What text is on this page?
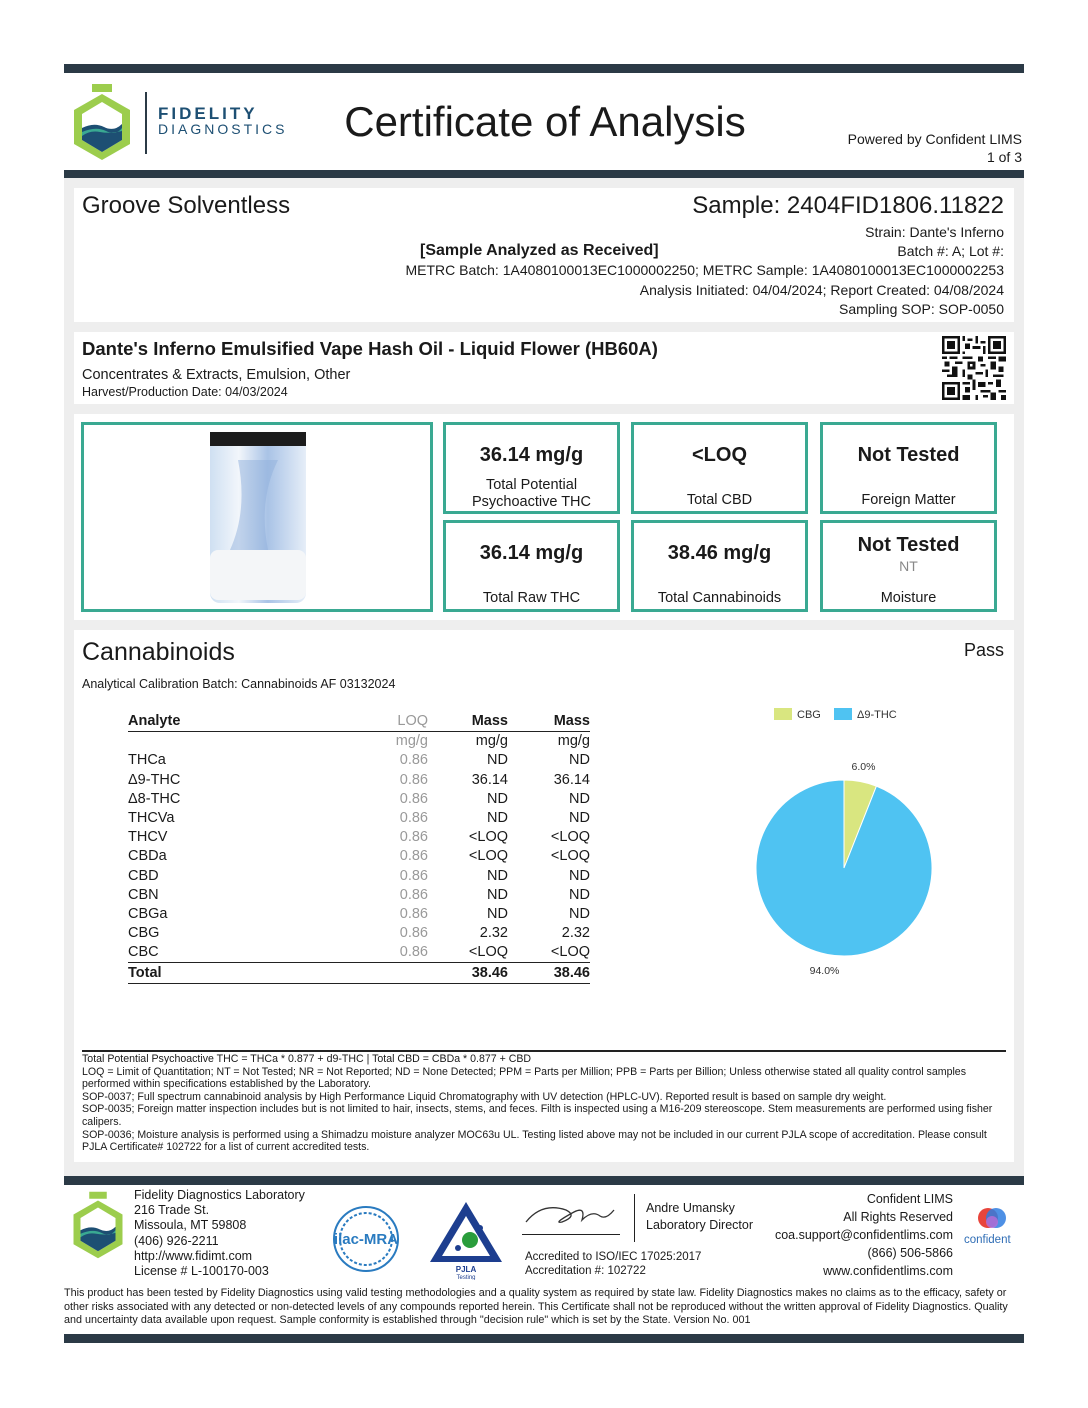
FIDELITY
DIAGNOSTICS	Certificate of Analysis	Powered by Confident LIMS
1 of 3
Groove Solventless	Sample: 2404FID1806.11822
Strain: Dante's Inferno
[Sample Analyzed as Received]	Batch #: A; Lot #:
METRC Batch: 1A4080100013EC1000002250; METRC Sample: 1A4080100013EC1000002253
Analysis Initiated: 04/04/2024; Report Created: 04/08/2024
Sampling SOP: SOP-0050
Dante's Inferno Emulsified Vape Hash Oil - Liquid Flower (HB60A)
Concentrates & Extracts, Emulsion, Other
Harvest/Production Date: 04/03/2024
36.14 mg/g
Total Potential
Psychoactive THC
<LOQ
Total CBD
Not Tested
Foreign Matter
36.14 mg/g
Total Raw THC
38.46 mg/g
Total Cannabinoids
Not Tested
NT
Moisture
Cannabinoids	Pass
Analytical Calibration Batch: Cannabinoids AF 03132024
Analyte	LOQ	Mass	Mass
	mg/g	mg/g	mg/g
THCa	0.86	ND	ND
Δ9-THC	0.86	36.14	36.14
Δ8-THC	0.86	ND	ND
THCVa	0.86	ND	ND
THCV	0.86	<LOQ	<LOQ
CBDa	0.86	<LOQ	<LOQ
CBD	0.86	ND	ND
CBN	0.86	ND	ND
CBGa	0.86	ND	ND
CBG	0.86	2.32	2.32
CBC	0.86	<LOQ	<LOQ
Total		38.46	38.46
CBG	Δ9-THC
6.0%
94.0%
Total Potential Psychoactive THC = THCa * 0.877 + d9-THC | Total CBD = CBDa * 0.877 + CBD
LOQ = Limit of Quantitation; NT = Not Tested; NR = Not Reported; ND = None Detected; PPM = Parts per Million; PPB = Parts per Billion; Unless otherwise stated all quality control samples performed within specifications established by the Laboratory.
SOP-0037; Full spectrum cannabinoid analysis by High Performance Liquid Chromatography with UV detection (HPLC-UV). Reported result is based on sample dry weight.
SOP-0035; Foreign matter inspection includes but is not limited to hair, insects, stems, and feces. Filth is inspected using a M16-209 stereoscope. Stem measurements are performed using fisher calipers.
SOP-0036; Moisture analysis is performed using a Shimadzu moisture analyzer MOC63u UL. Testing listed above may not be included in our current PJLA scope of accreditation. Please consult PJLA Certificate# 102722 for a list of current accredited tests.
Fidelity Diagnostics Laboratory
216 Trade St.
Missoula, MT 59808
(406) 926-2211
http://www.fidimt.com
License # L-100170-003
ilac-MRA
PJLA
Testing
Andre Umansky
Laboratory Director
Accredited to ISO/IEC 17025:2017
Accreditation #: 102722
Confident LIMS
All Rights Reserved
coa.support@confidentlims.com
(866) 506-5866
www.confidentlims.com
confident
This product has been tested by Fidelity Diagnostics using valid testing methodologies and a quality system as required by state law. Fidelity Diagnostics makes no claims as to the efficacy, safety or other risks associated with any detected or non-detected levels of any compounds reported herein. This Certificate shall not be reproduced without the written approval of Fidelity Diagnostics. Quality and uncertainty data available upon request. Sample conformity is established through "decision rule" which is set by the State. Version No. 001
